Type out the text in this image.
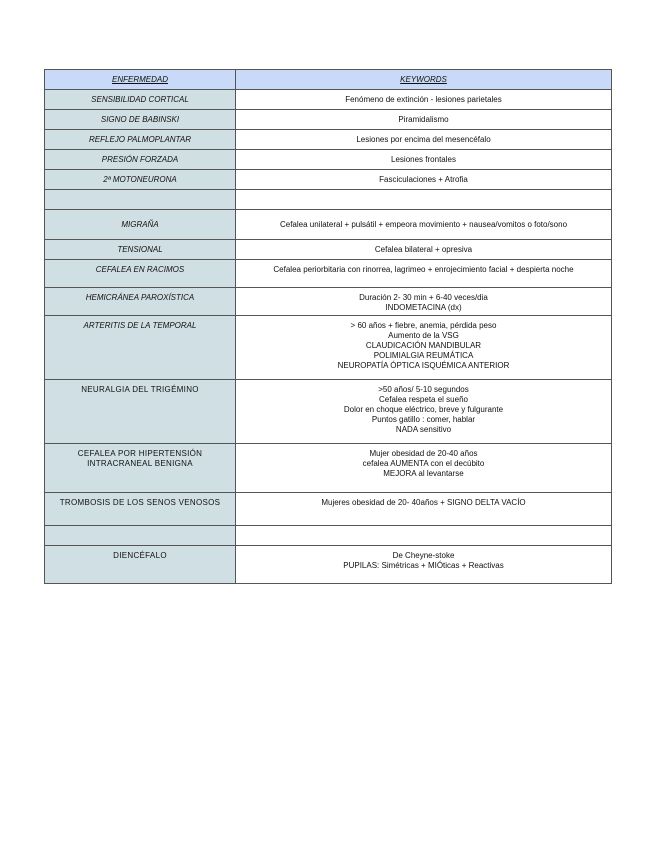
ENFERMEDAD	KEYWORDS
SENSIBILIDAD CORTICAL	Fenómeno de extinción - lesiones parietales

SIGNO DE BABINSKI	Piramidalismo

REFLEJO PALMOPLANTAR	Lesiones por encima del mesencéfalo

PRESIÓN FORZADA	Lesiones frontales

2ª MOTONEURONA	Fasciculaciones + Atrofia

MIGRAÑA	Cefalea unilateral + pulsátil + empeora movimiento + nausea/vomitos o foto/sono

TENSIONAL	Cefalea bilateral + opresiva

CEFALEA EN RACIMOS	Cefalea periorbitaria con rinorrea, lagrimeo + enrojecimiento facial + despierta noche

HEMICRÁNEA PAROXÍSTICA	Duración 2- 30 min + 6-40 veces/dia
INDOMETACINA (dx)

ARTERITIS DE LA TEMPORAL	> 60 años + fiebre, anemia, pérdida peso
Aumento de la VSG
CLAUDICACIÓN MANDIBULAR
POLIMIALGIA REUMÁTICA
NEUROPATÍA ÓPTICA ISQUÉMICA ANTERIOR

NEURALGIA DEL TRIGÉMINO	>50 años/ 5-10 segundos
Cefalea respeta el sueño
Dolor en choque eléctrico, breve y fulgurante
Puntos gatillo : comer, hablar
NADA sensitivo

CEFALEA POR HIPERTENSIÓN INTRACRANEAL BENIGNA	Mujer obesidad de 20-40 años
cefalea AUMENTA con el decúbito
MEJORA al levantarse

TROMBOSIS DE LOS SENOS VENOSOS	Mujeres obesidad de 20- 40años + SIGNO DELTA VACÍO

DIENCÉFALO	De Cheyne-stoke
PUPILAS: Simétricas + MIÓticas + Reactivas
